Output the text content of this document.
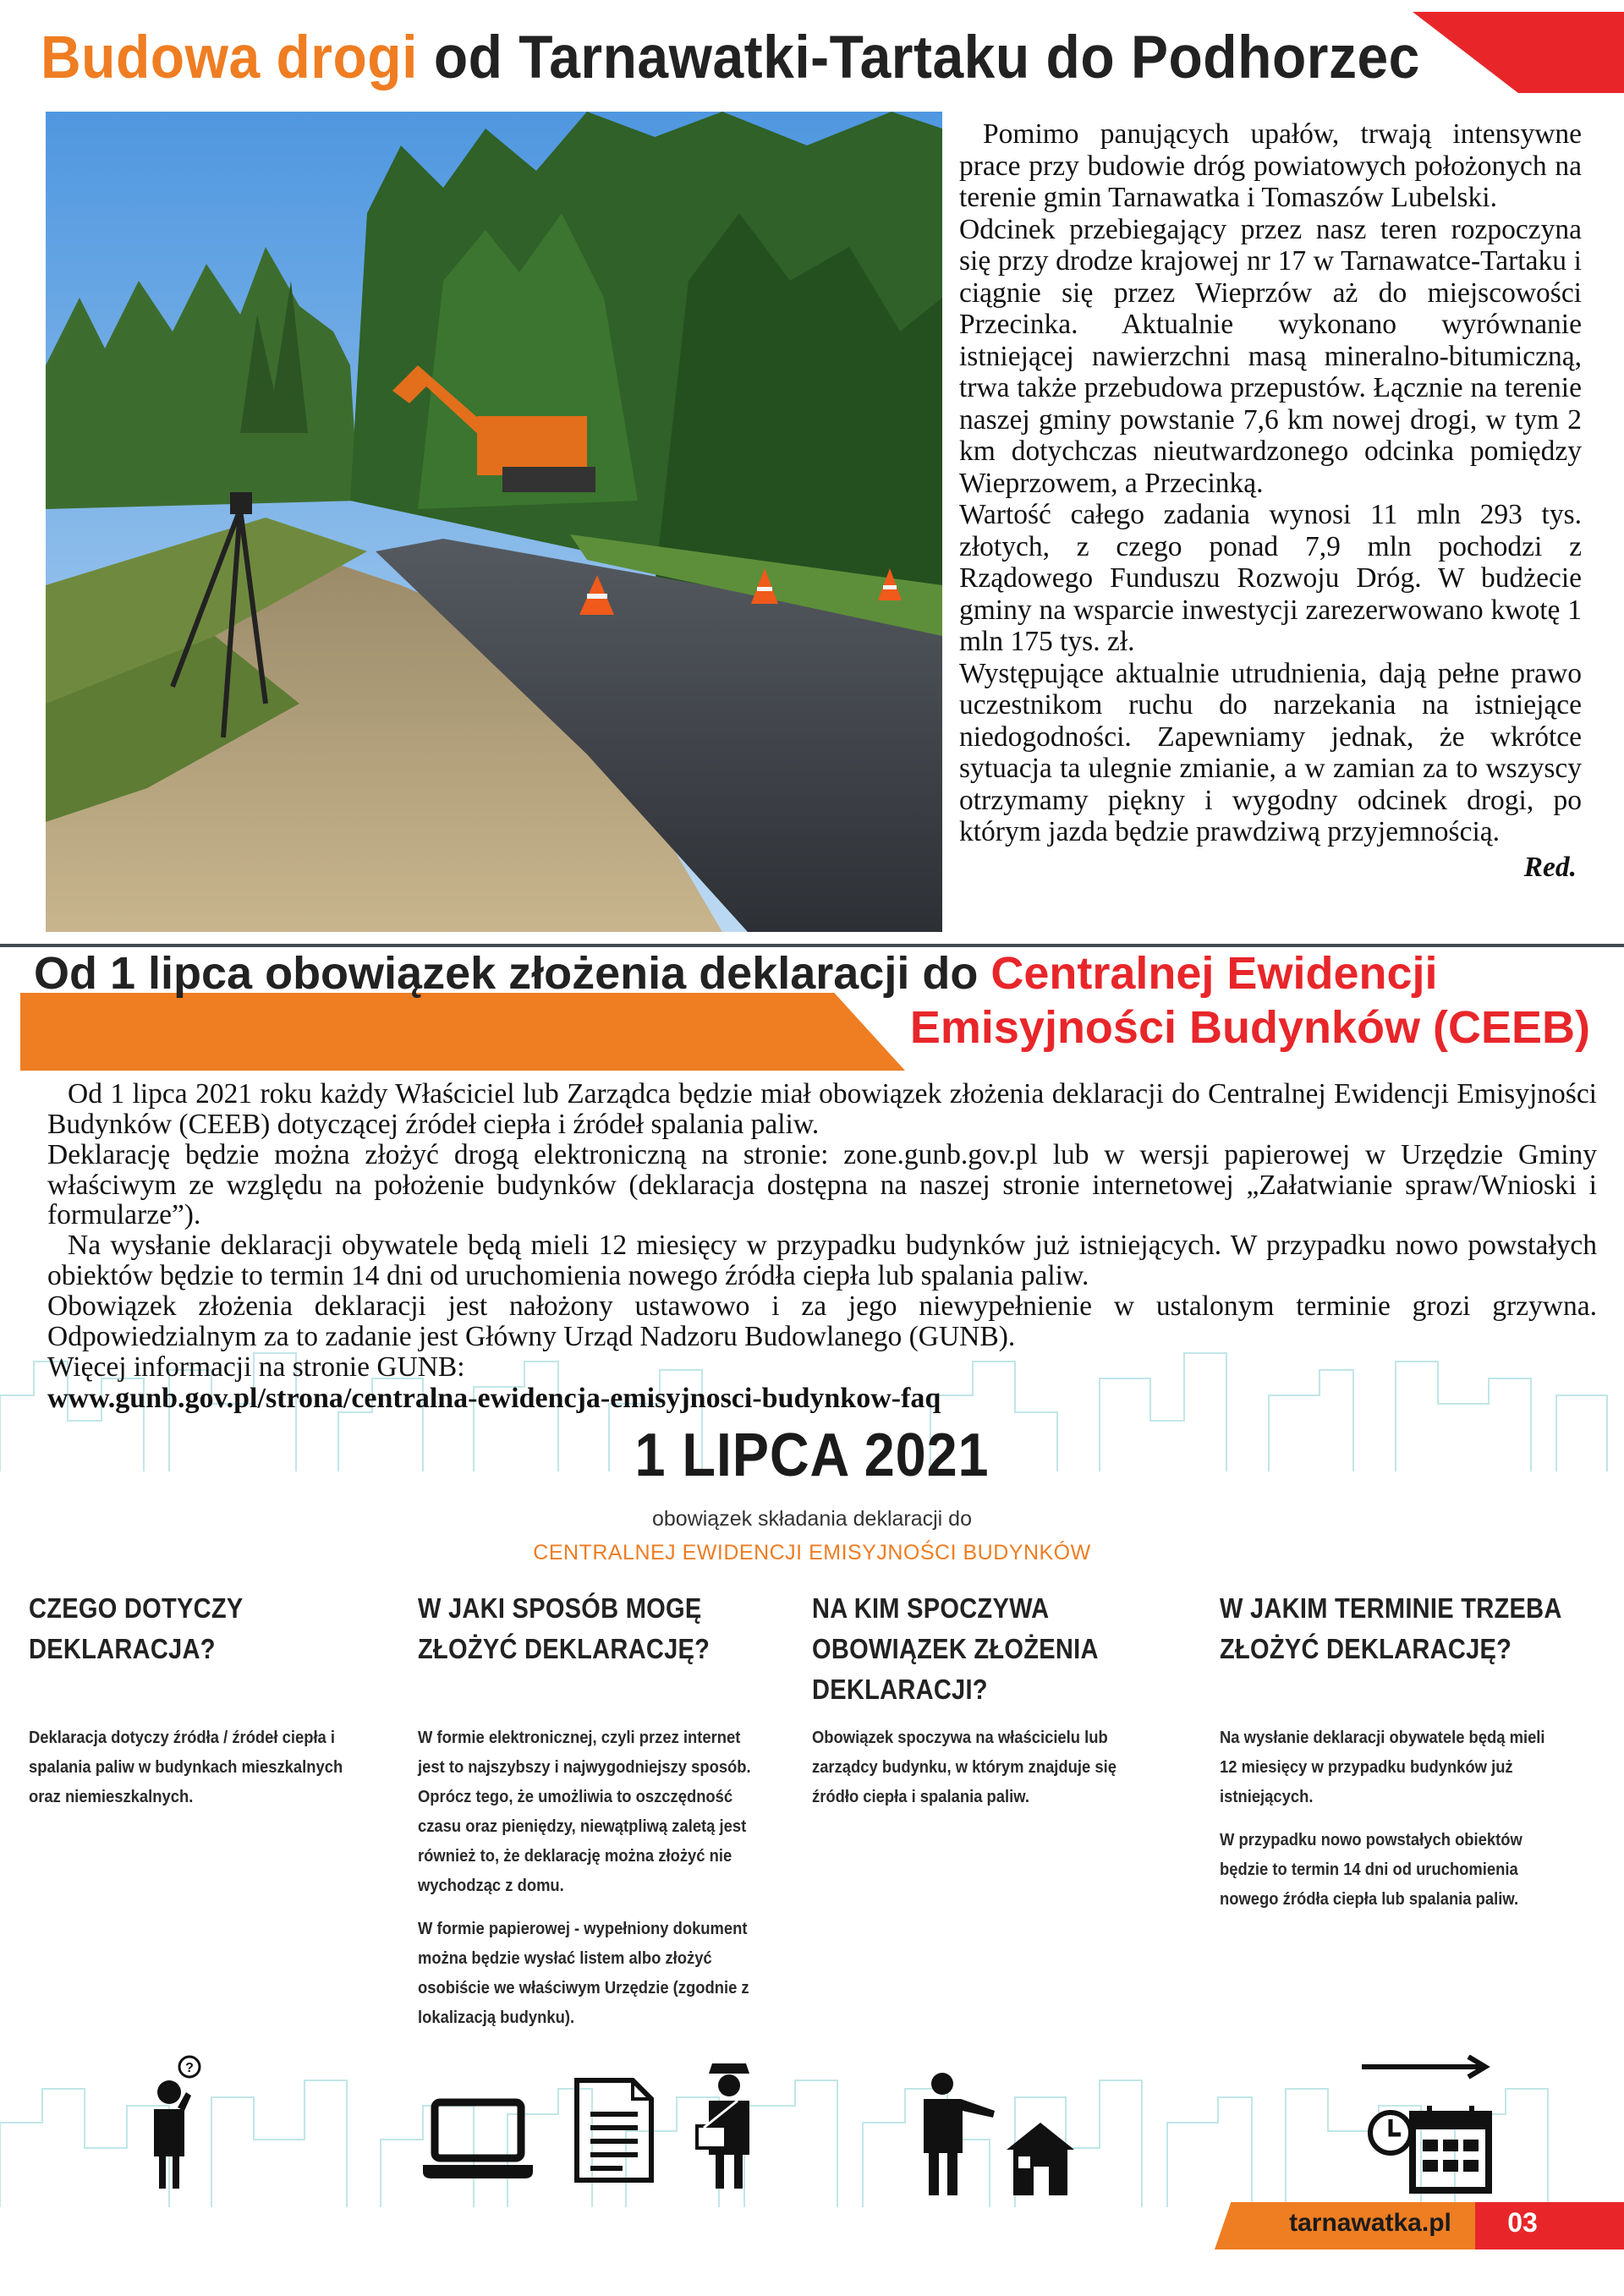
Budowa drogi od Tarnawatki-Tartaku do Podhorzec

Pomimo panujących upałów, trwają intensywne prace przy budowie dróg powiatowych położonych na terenie gmin Tarnawatka i Tomaszów Lubelski.

Odcinek przebiegający przez nasz teren rozpoczyna się przy drodze krajowej nr 17 w Tarnawatce-Tartaku i ciągnie się przez Wieprzów aż do miejscowości Przecinka. Aktualnie wykonano wyrównanie istniejącej nawierzchni masą mineralno-bitumiczną, trwa także przebudowa przepustów. Łącznie na terenie naszej gminy powstanie 7,6 km nowej drogi, w tym 2 km dotychczas nieutwardzonego odcinka pomiędzy Wieprzowem, a Przecinką.

Wartość całego zadania wynosi 11 mln 293 tys. złotych, z czego ponad 7,9 mln pochodzi z Rządowego Funduszu Rozwoju Dróg. W budżecie gminy na wsparcie inwestycji zarezerwowano kwotę 1 mln 175 tys. zł.

Występujące aktualnie utrudnienia, dają pełne prawo uczestnikom ruchu do narzekania na istniejące niedogodności. Zapewniamy jednak, że wkrótce sytuacja ta ulegnie zmianie, a w zamian za to wszyscy otrzymamy piękny i wygodny odcinek drogi, po którym jazda będzie prawdziwą przyjemnością.

Red.

Od 1 lipca obowiązek złożenia deklaracji do Centralnej Ewidencji
Emisyjności Budynków (CEEB)

Od 1 lipca 2021 roku każdy Właściciel lub Zarządca będzie miał obowiązek złożenia deklaracji do Centralnej Ewidencji Emisyjności Budynków (CEEB) dotyczącej źródeł ciepła i źródeł spalania paliw.

Deklarację będzie można złożyć drogą elektroniczną na stronie: zone.gunb.gov.pl lub w wersji papierowej w Urzędzie Gminy właściwym ze względu na położenie budynków (deklaracja dostępna na naszej stronie internetowej „Załatwianie spraw/Wnioski i formularze”).

Na wysłanie deklaracji obywatele będą mieli 12 miesięcy w przypadku budynków już istniejących. W przypadku nowo powstałych obiektów będzie to termin 14 dni od uruchomienia nowego źródła ciepła lub spalania paliw.

Obowiązek złożenia deklaracji jest nałożony ustawowo i za jego niewypełnienie w ustalonym terminie grozi grzywna. Odpowiedzialnym za to zadanie jest Główny Urząd Nadzoru Budowlanego (GUNB).

Więcej informacji na stronie GUNB:

www.gunb.gov.pl/strona/centralna-ewidencja-emisyjnosci-budynkow-faq

1 LIPCA 2021
obowiązek składania deklaracji do
CENTRALNEJ EWIDENCJI EMISYJNOŚCI BUDYNKÓW
CZEGO DOTYCZY DEKLARACJA?

Deklaracja dotyczy źródła / źródeł ciepła i spalania paliw w budynkach mieszkalnych oraz niemieszkalnych.

W JAKI SPOSÓB MOGĘ ZŁOŻYĆ DEKLARACJĘ?

W formie elektronicznej, czyli przez internet jest to najszybszy i najwygodniejszy sposób. Oprócz tego, że umożliwia to oszczędność czasu oraz pieniędzy, niewątpliwą zaletą jest również to, że deklarację można złożyć nie wychodząc z domu.

W formie papierowej - wypełniony dokument można będzie wysłać listem albo złożyć osobiście we właściwym Urzędzie (zgodnie z lokalizacją budynku).

NA KIM SPOCZYWA OBOWIĄZEK ZŁOŻENIA DEKLARACJI?

Obowiązek spoczywa na właścicielu lub zarządcy budynku, w którym znajduje się źródło ciepła i spalania paliw.

W JAKIM TERMINIE TRZEBA ZŁOŻYĆ DEKLARACJĘ?

Na wysłanie deklaracji obywatele będą mieli 12 miesięcy w przypadku budynków już istniejących.

W przypadku nowo powstałych obiektów będzie to termin 14 dni od uruchomienia nowego źródła ciepła lub spalania paliw.

?
tarnawatka.pl	03
